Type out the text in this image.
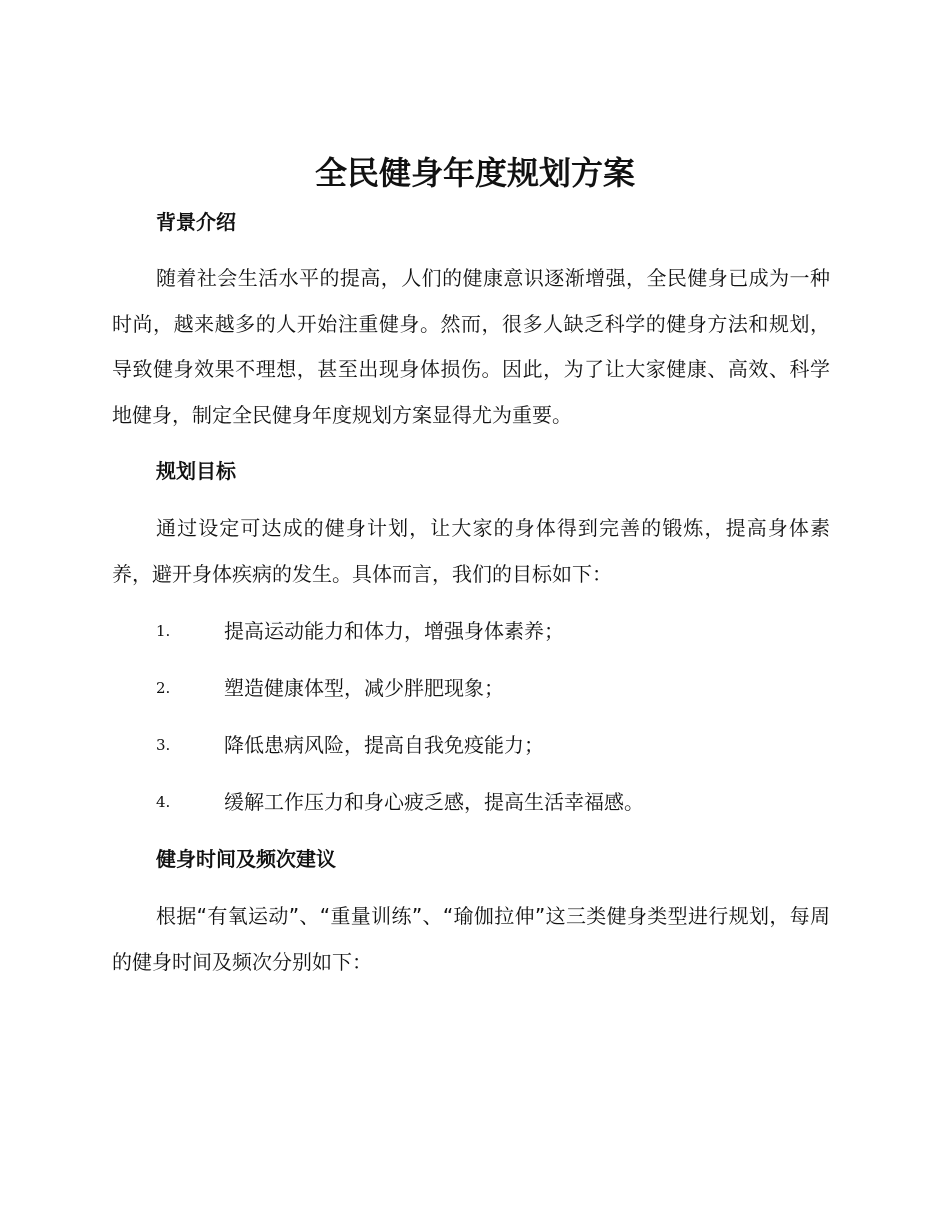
全民健身年度规划方案
背景介绍

随着社会生活水平的提高，人们的健康意识逐渐增强，全民健身已成为一种时尚，越来越多的人开始注重健身。然而，很多人缺乏科学的健身方法和规划，导致健身效果不理想，甚至出现身体损伤。因此，为了让大家健康、高效、科学地健身，制定全民健身年度规划方案显得尤为重要。

规划目标

通过设定可达成的健身计划，让大家的身体得到完善的锻炼，提高身体素养，避开身体疾病的发生。具体而言，我们的目标如下：

1.	提高运动能力和体力，增强身体素养；
2.	塑造健康体型，减少胖肥现象；
3.	降低患病风险，提高自我免疫能力；
4.	缓解工作压力和身心疲乏感，提高生活幸福感。
健身时间及频次建议

根据“有氧运动”、“重量训练”、“瑜伽拉伸”这三类健身类型进行规划，每周的健身时间及频次分别如下：
